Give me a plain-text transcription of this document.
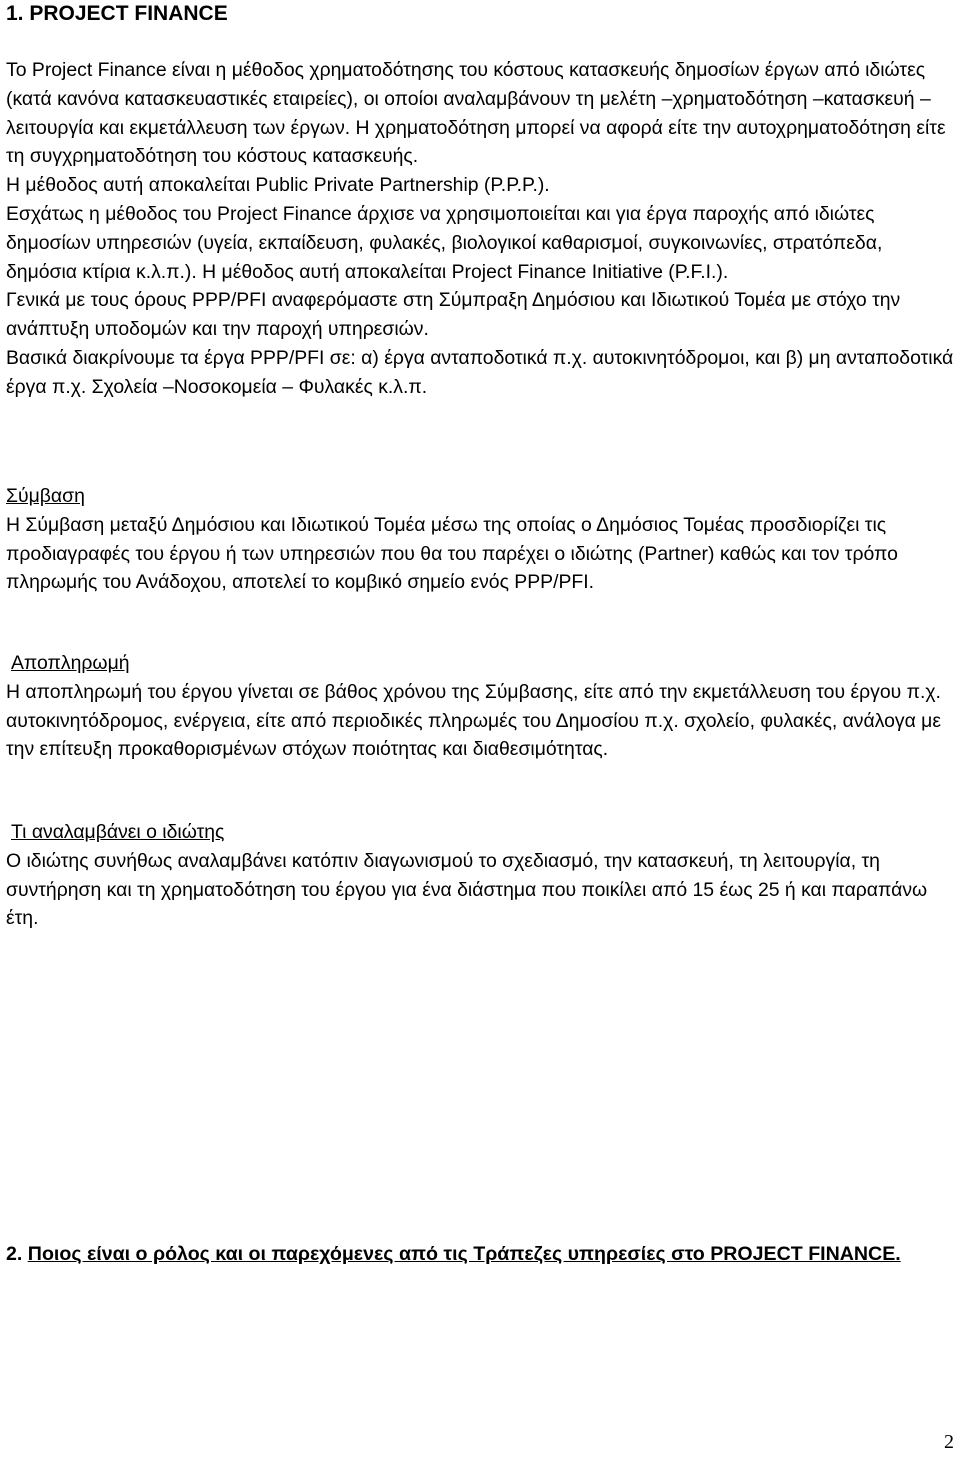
1. PROJECT FINANCE

Το Project Finance είναι η μέθοδος χρηματοδότησης του κόστους κατασκευής δημοσίων έργων από ιδιώτες (κατά κανόνα κατασκευαστικές εταιρείες), οι οποίοι αναλαμβάνουν τη μελέτη –χρηματοδότηση –κατασκευή –λειτουργία και εκμετάλλευση των έργων. Η χρηματοδότηση μπορεί να αφορά είτε την αυτοχρηματοδότηση είτε τη συγχρηματοδότηση του κόστους κατασκευής.

Η μέθοδος αυτή αποκαλείται Public Private Partnership (P.P.P.).

Εσχάτως η μέθοδος του Project Finance άρχισε να χρησιμοποιείται και για έργα παροχής από ιδιώτες δημοσίων υπηρεσιών (υγεία, εκπαίδευση, φυλακές, βιολογικοί καθαρισμοί, συγκοινωνίες, στρατόπεδα, δημόσια κτίρια κ.λ.π.). Η μέθοδος αυτή αποκαλείται Project Finance Initiative (P.F.I.).

Γενικά με τους όρους PPP/PFI αναφερόμαστε στη Σύμπραξη Δημόσιου και Ιδιωτικού Τομέα με στόχο την ανάπτυξη υποδομών και την παροχή υπηρεσιών.

Βασικά διακρίνουμε τα έργα PPP/PFI σε: α) έργα ανταποδοτικά π.χ. αυτοκινητόδρομοι, και β) μη ανταποδοτικά έργα π.χ. Σχολεία –Νοσοκομεία – Φυλακές κ.λ.π.

Σύμβαση

Η Σύμβαση μεταξύ Δημόσιου και Ιδιωτικού Τομέα μέσω της οποίας ο Δημόσιος Τομέας προσδιορίζει τις προδιαγραφές του έργου ή των υπηρεσιών που θα του παρέχει ο ιδιώτης (Partner) καθώς και τον τρόπο πληρωμής του Ανάδοχου, αποτελεί το κομβικό σημείο ενός PPP/PFI.

Αποπληρωμή

Η αποπληρωμή του έργου γίνεται σε βάθος χρόνου της Σύμβασης, είτε από την εκμετάλλευση του έργου π.χ. αυτοκινητόδρομος, ενέργεια, είτε από περιοδικές πληρωμές του Δημοσίου π.χ. σχολείο, φυλακές, ανάλογα με την επίτευξη προκαθορισμένων στόχων ποιότητας και διαθεσιμότητας.

Τι αναλαμβάνει ο ιδιώτης

Ο ιδιώτης συνήθως αναλαμβάνει κατόπιν διαγωνισμού το σχεδιασμό, την κατασκευή, τη λειτουργία, τη συντήρηση και τη χρηματοδότηση του έργου για ένα διάστημα που ποικίλει από 15 έως 25 ή και παραπάνω έτη.

2. Ποιος είναι ο ρόλος και οι παρεχόμενες από τις Τράπεζες υπηρεσίες στο PROJECT FINANCE.
2
